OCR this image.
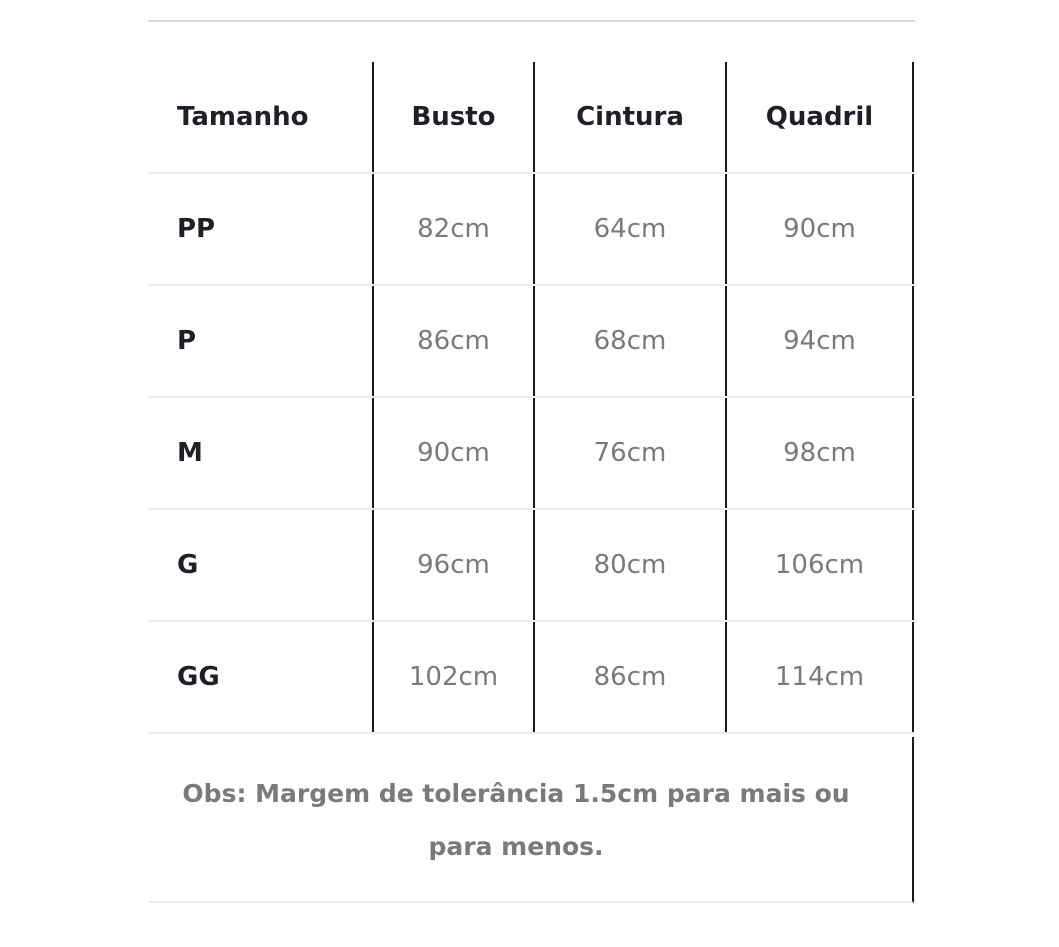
Tamanho	Busto	Cintura	Quadril
PP	82cm	64cm	90cm
P	86cm	68cm	94cm
M	90cm	76cm	98cm
G	96cm	80cm	106cm
GG	102cm	86cm	114cm
Obs: Margem de tolerância 1.5cm para mais ou para menos.
